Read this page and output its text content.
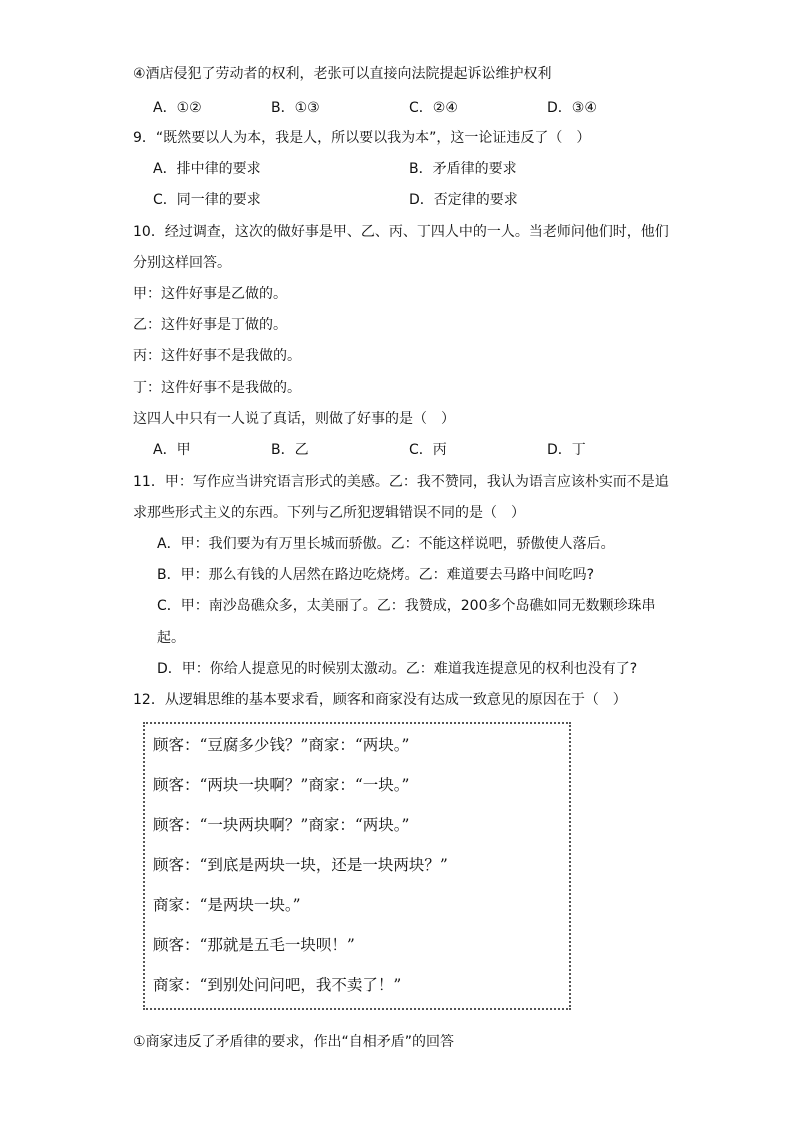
④酒店侵犯了劳动者的权利，老张可以直接向法院提起诉讼维护权利
A．①②	B．①③	C．②④	D．③④
9．“既然要以人为本，我是人，所以要以我为本”，这一论证违反了（　）
A．排中律的要求	B．矛盾律的要求
C．同一律的要求	D．否定律的要求
10．经过调查，这次的做好事是甲、乙、丙、丁四人中的一人。当老师问他们时，他们
分别这样回答。
甲：这件好事是乙做的。
乙：这件好事是丁做的。
丙：这件好事不是我做的。
丁：这件好事不是我做的。
这四人中只有一人说了真话，则做了好事的是（　）
A．甲	B．乙	C．丙	D．丁
11．甲：写作应当讲究语言形式的美感。乙：我不赞同，我认为语言应该朴实而不是追
求那些形式主义的东西。下列与乙所犯逻辑错误不同的是（　）
A．甲：我们要为有万里长城而骄傲。乙：不能这样说吧，骄傲使人落后。
B．甲：那么有钱的人居然在路边吃烧烤。乙：难道要去马路中间吃吗?
C．甲：南沙岛礁众多，太美丽了。乙：我赞成，200多个岛礁如同无数颗珍珠串
起。
D．甲：你给人提意见的时候别太激动。乙：难道我连提意见的权利也没有了?
12．从逻辑思维的基本要求看，顾客和商家没有达成一致意见的原因在于（　）
顾客：“豆腐多少钱？”商家：“两块。”
顾客：“两块一块啊？”商家：“一块。”
顾客：“一块两块啊？”商家：“两块。”
顾客：“到底是两块一块，还是一块两块？”
商家：“是两块一块。”
顾客：“那就是五毛一块呗！”
商家：“到别处问问吧，我不卖了！”
①商家违反了矛盾律的要求，作出“自相矛盾”的回答
